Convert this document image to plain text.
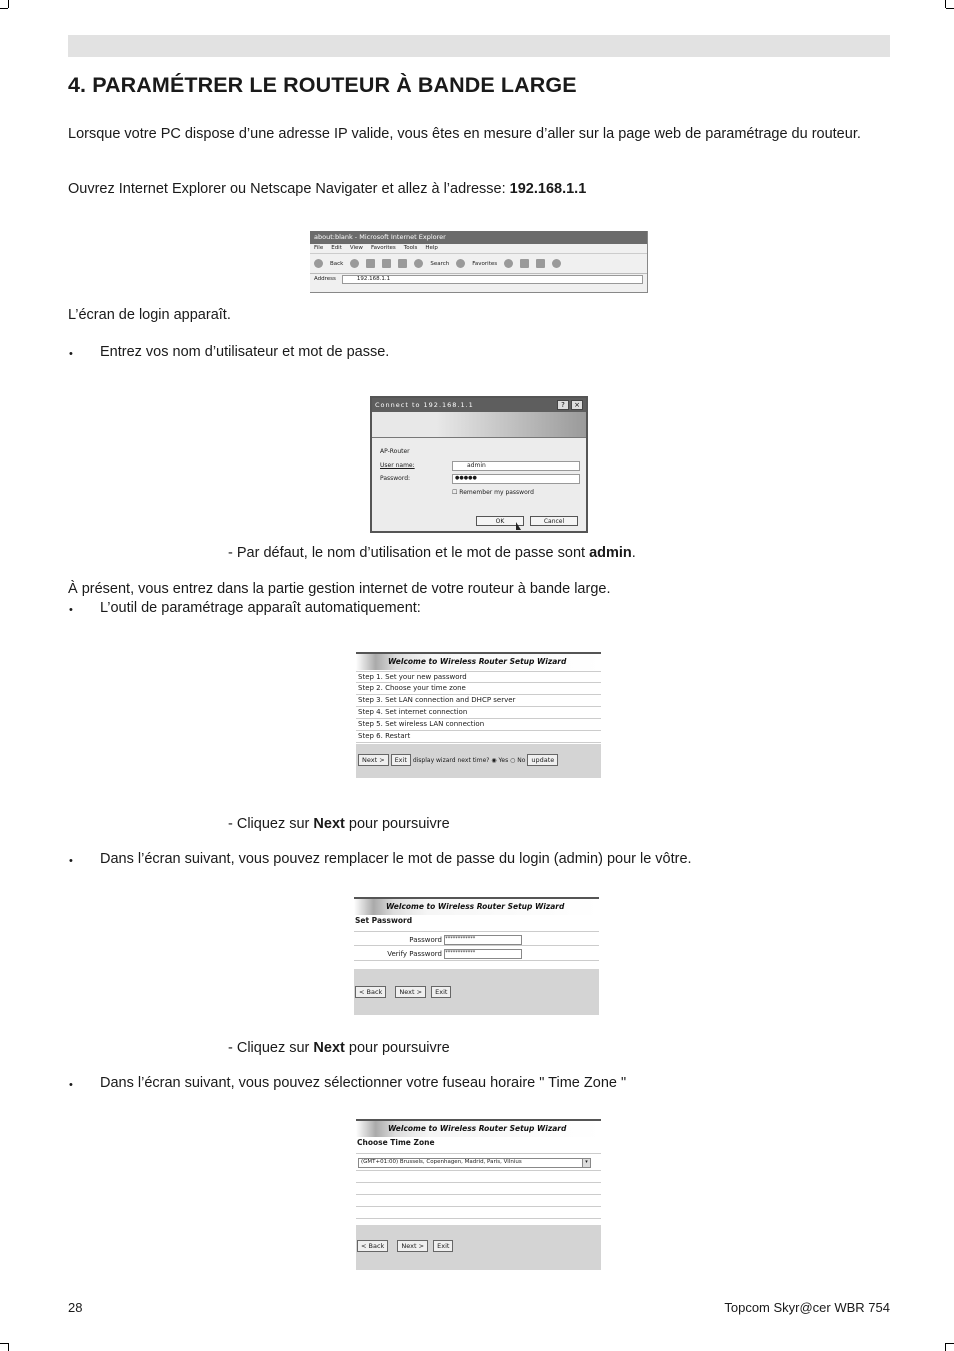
4. PARAMÉTRER LE ROUTEUR À BANDE LARGE
Lorsque votre PC dispose d’une adresse IP valide, vous êtes en mesure d’aller sur la page web de paramétrage du routeur.
Ouvrez Internet Explorer ou Netscape Navigater et allez à l’adresse: 192.168.1.1
about:blank - Microsoft Internet Explorer
File Edit View Favorites Tools Help
Back	Search	Favorites
Address	192.168.1.1
L’écran de login apparaît.
• Entrez vos nom d’utilisateur et mot de passe.
Connect to 192.168.1.1	?	×
AP-Router
User name:	admin
Password:	●●●●●
☐ Remember my password
OK	Cancel
- Par défaut, le nom d’utilisation et le mot de passe sont admin.
À présent, vous entrez dans la partie gestion internet de votre routeur à bande large.
• L’outil de paramétrage apparaît automatiquement:
Welcome to Wireless Router Setup Wizard
Step 1. Set your new password
Step 2. Choose your time zone
Step 3. Set LAN connection and DHCP server
Step 4. Set internet connection
Step 5. Set wireless LAN connection
Step 6. Restart
Next > Exit display wizard next time? ◉ Yes ○ No update
- Cliquez sur Next pour poursuivre
• Dans l’écran suivant, vous pouvez remplacer le mot de passe du login (admin) pour le vôtre.
Welcome to Wireless Router Setup Wizard
Set Password
Password ************
Verify Password ************
< Back	Next > Exit
- Cliquez sur Next pour poursuivre
• Dans l’écran suivant, vous pouvez sélectionner votre fuseau horaire " Time Zone "
Welcome to Wireless Router Setup Wizard
Choose Time Zone
(GMT+01:00) Brussels, Copenhagen, Madrid, Paris, Vilnius	▾
< Back	Next > Exit
28	Topcom Skyr@cer WBR 754
